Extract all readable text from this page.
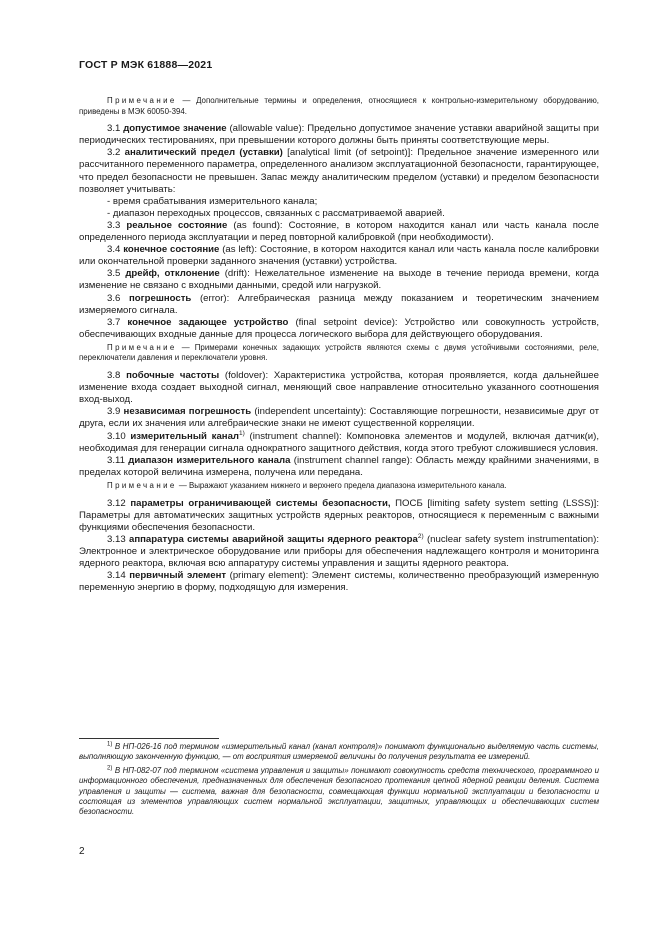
ГОСТ Р МЭК 61888—2021

Примечание — Дополнительные термины и определения, относящиеся к контрольно-измерительному оборудованию, приведены в МЭК 60050-394.

3.1 допустимое значение (allowable value): Предельно допустимое значение уставки аварийной защиты при периодических тестированиях, при превышении которого должны быть приняты соответствующие меры.

3.2 аналитический предел (уставки) [analytical limit (of setpoint)]: Предельное значение измеренного или рассчитанного переменного параметра, определенного анализом эксплуатационной безопасности, гарантирующее, что предел безопасности не превышен. Запас между аналитическим пределом (уставки) и пределом безопасности позволяет учитывать:

- время срабатывания измерительного канала;

- диапазон переходных процессов, связанных с рассматриваемой аварией.

3.3 реальное состояние (as found): Состояние, в котором находится канал или часть канала после определенного периода эксплуатации и перед повторной калибровкой (при необходимости).

3.4 конечное состояние (as left): Состояние, в котором находится канал или часть канала после калибровки или окончательной проверки заданного значения (уставки) устройства.

3.5 дрейф, отклонение (drift): Нежелательное изменение на выходе в течение периода времени, когда изменение не связано с входными данными, средой или нагрузкой.

3.6 погрешность (error): Алгебраическая разница между показанием и теоретическим значением измеряемого сигнала.

3.7 конечное задающее устройство (final setpoint device): Устройство или совокупность устройств, обеспечивающих входные данные для процесса логического выбора для действующего оборудования.

Примечание — Примерами конечных задающих устройств являются схемы с двумя устойчивыми состояниями, реле, переключатели давления и переключатели уровня.

3.8 побочные частоты (foldover): Характеристика устройства, которая проявляется, когда дальнейшее изменение входа создает выходной сигнал, меняющий свое направление относительно указанного соотношения вход-выход.

3.9 независимая погрешность (independent uncertainty): Составляющие погрешности, независимые друг от друга, если их значения или алгебраические знаки не имеют существенной корреляции.

3.10 измерительный канал$^{1)}$ (instrument channel): Компоновка элементов и модулей, включая датчик(и), необходимая для генерации сигнала однократного защитного действия, когда этого требуют сложившиеся условия.

3.11 диапазон измерительного канала (instrument channel range): Область между крайними значениями, в пределах которой величина измерена, получена или передана.

Примечание — Выражают указанием нижнего и верхнего предела диапазона измерительного канала.

3.12 параметры ограничивающей системы безопасности, ПОСБ [limiting safety system setting (LSSS)]: Параметры для автоматических защитных устройств ядерных реакторов, относящиеся к переменным с важными функциями обеспечения безопасности.

3.13 аппаратура системы аварийной защиты ядерного реактора$^{2)}$ (nuclear safety system instrumentation): Электронное и электрическое оборудование или приборы для обеспечения надлежащего контроля и мониторинга ядерного реактора, включая всю аппаратуру системы управления и защиты ядерного реактора.

3.14 первичный элемент (primary element): Элемент системы, количественно преобразующий измеренную переменную энергию в форму, подходящую для измерения.

$^{1)}$ В НП-026-16 под термином «измерительный канал (канал контроля)» понимают функционально выделяемую часть системы, выполняющую законченную функцию, — от восприятия измеряемой величины до получения результата ее измерений.

$^{2)}$ В НП-082-07 под термином «система управления и защиты» понимают совокупность средств технического, программного и информационного обеспечения, предназначенных для обеспечения безопасного протекания цепной ядерной реакции деления. Система управления и защиты — система, важная для безопасности, совмещающая функции нормальной эксплуатации и безопасности и состоящая из элементов управляющих систем нормальной эксплуатации, защитных, управляющих и обеспечивающих систем безопасности.

2
